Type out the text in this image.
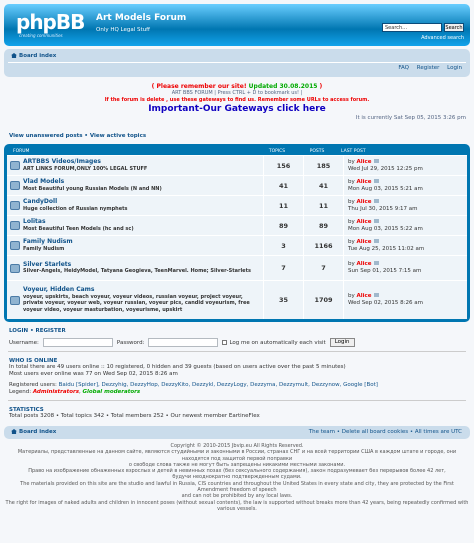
phpBB
creating communities
Art Models Forum
Only HQ Legal Stuff	Search…	Search
Advanced search
Board index
FAQ Register Login
( Please remember our site! Updated 30.08.2015 )
ART BBS FORUM | Press CTRL + D to bookmark us! |
If the forum is delete , use these gateways to find us. Remember some URLs to access forum.
Important-Our Gateways click here
It is currently Sat Sep 05, 2015 3:26 pm
View unanswered posts • View active topics
FORUM	TOPICS	POSTS	LAST POST
ARTBBS Videos/Images
ART LINKS FORUM,ONLY 100% LEGAL STUFF	156	185	by Alice
Wed Jul 29, 2015 12:25 pm
Vlad Models
Most Beautiful young Russian Models (N and NN)	41	41	by Alice
Mon Aug 03, 2015 5:21 am
CandyDoll
Huge collection of Russian nymphets	11	11	by Alice
Thu Jul 30, 2015 9:17 am
Lolitas
Most Beautiful Teen Models (hc and sc)	89	89	by Alice
Mon Aug 03, 2015 5:22 am
Family Nudism
Family Nudism	3	1166	by Alice
Tue Aug 25, 2015 11:02 am
Silver Starlets
Silver-Angels, HeidyModel, Tatyana Geogieva, TeenMarvel. Home; Silver-Starlets	7	7	by Alice
Sun Sep 01, 2015 7:15 am
Voyeur, Hidden Cams
voyeur, upskirts, beach voyeur, voyeur videos, russian voyeur, project voyeur, private voyeur, voyeur web, voyeur russian, voyeur pics, candid voyeurism, free voyeur video, voyeur masturbation, voyeurisme, upskirt
35	1709	by Alice
Wed Sep 02, 2015 8:26 am
LOGIN • REGISTER
Username:	Password:	Log me on automatically each visit	Login
WHO IS ONLINE
In total there are 49 users online :: 10 registered, 0 hidden and 39 guests (based on users active over the past 5 minutes)
Most users ever online was 77 on Wed Sep 02, 2015 8:26 am
Registered users: Baidu [Spider], Dezzyhig, DezzyHop, DezzyKito, Dezzykl, DezzyLogy, Dezzyma, Dezzymult, Dezzynow, Google [Bot]
Legend: Administrators, Global moderators
STATISTICS
Total posts 3208 • Total topics 342 • Total members 252 • Our newest member EartineFlex
Board index	The team • Delete all board cookies • All times are UTC
Copyright © 2010-2015 Jbvip.eu All Rights Reserved.
Материалы, представленные на данном сайте, являются студийными и законными в России, странах СНГ и на всей территории США в каждом штате и городе, они находятся под защитой первой поправки
о свободе слова также не могут быть запрещены никакими местными законами.
Право на изображение обнаженных взрослых и детей в невинных позах (без сексуального содержания), закон подразумевает без перерывов более 42 лет,
будучи неоднократно подтвержденным судами.
The materials provided on this site are the studio and lawful in Russia, CIS countries and throughout the United States in every state and city, they are protected by the First Amendment freedom of speech
and can not be prohibited by any local laws.
The right for images of naked adults and children in innocent poses (without sexual contents), the law is supported without breaks more than 42 years, being repeatedly confirmed with various vessels.
